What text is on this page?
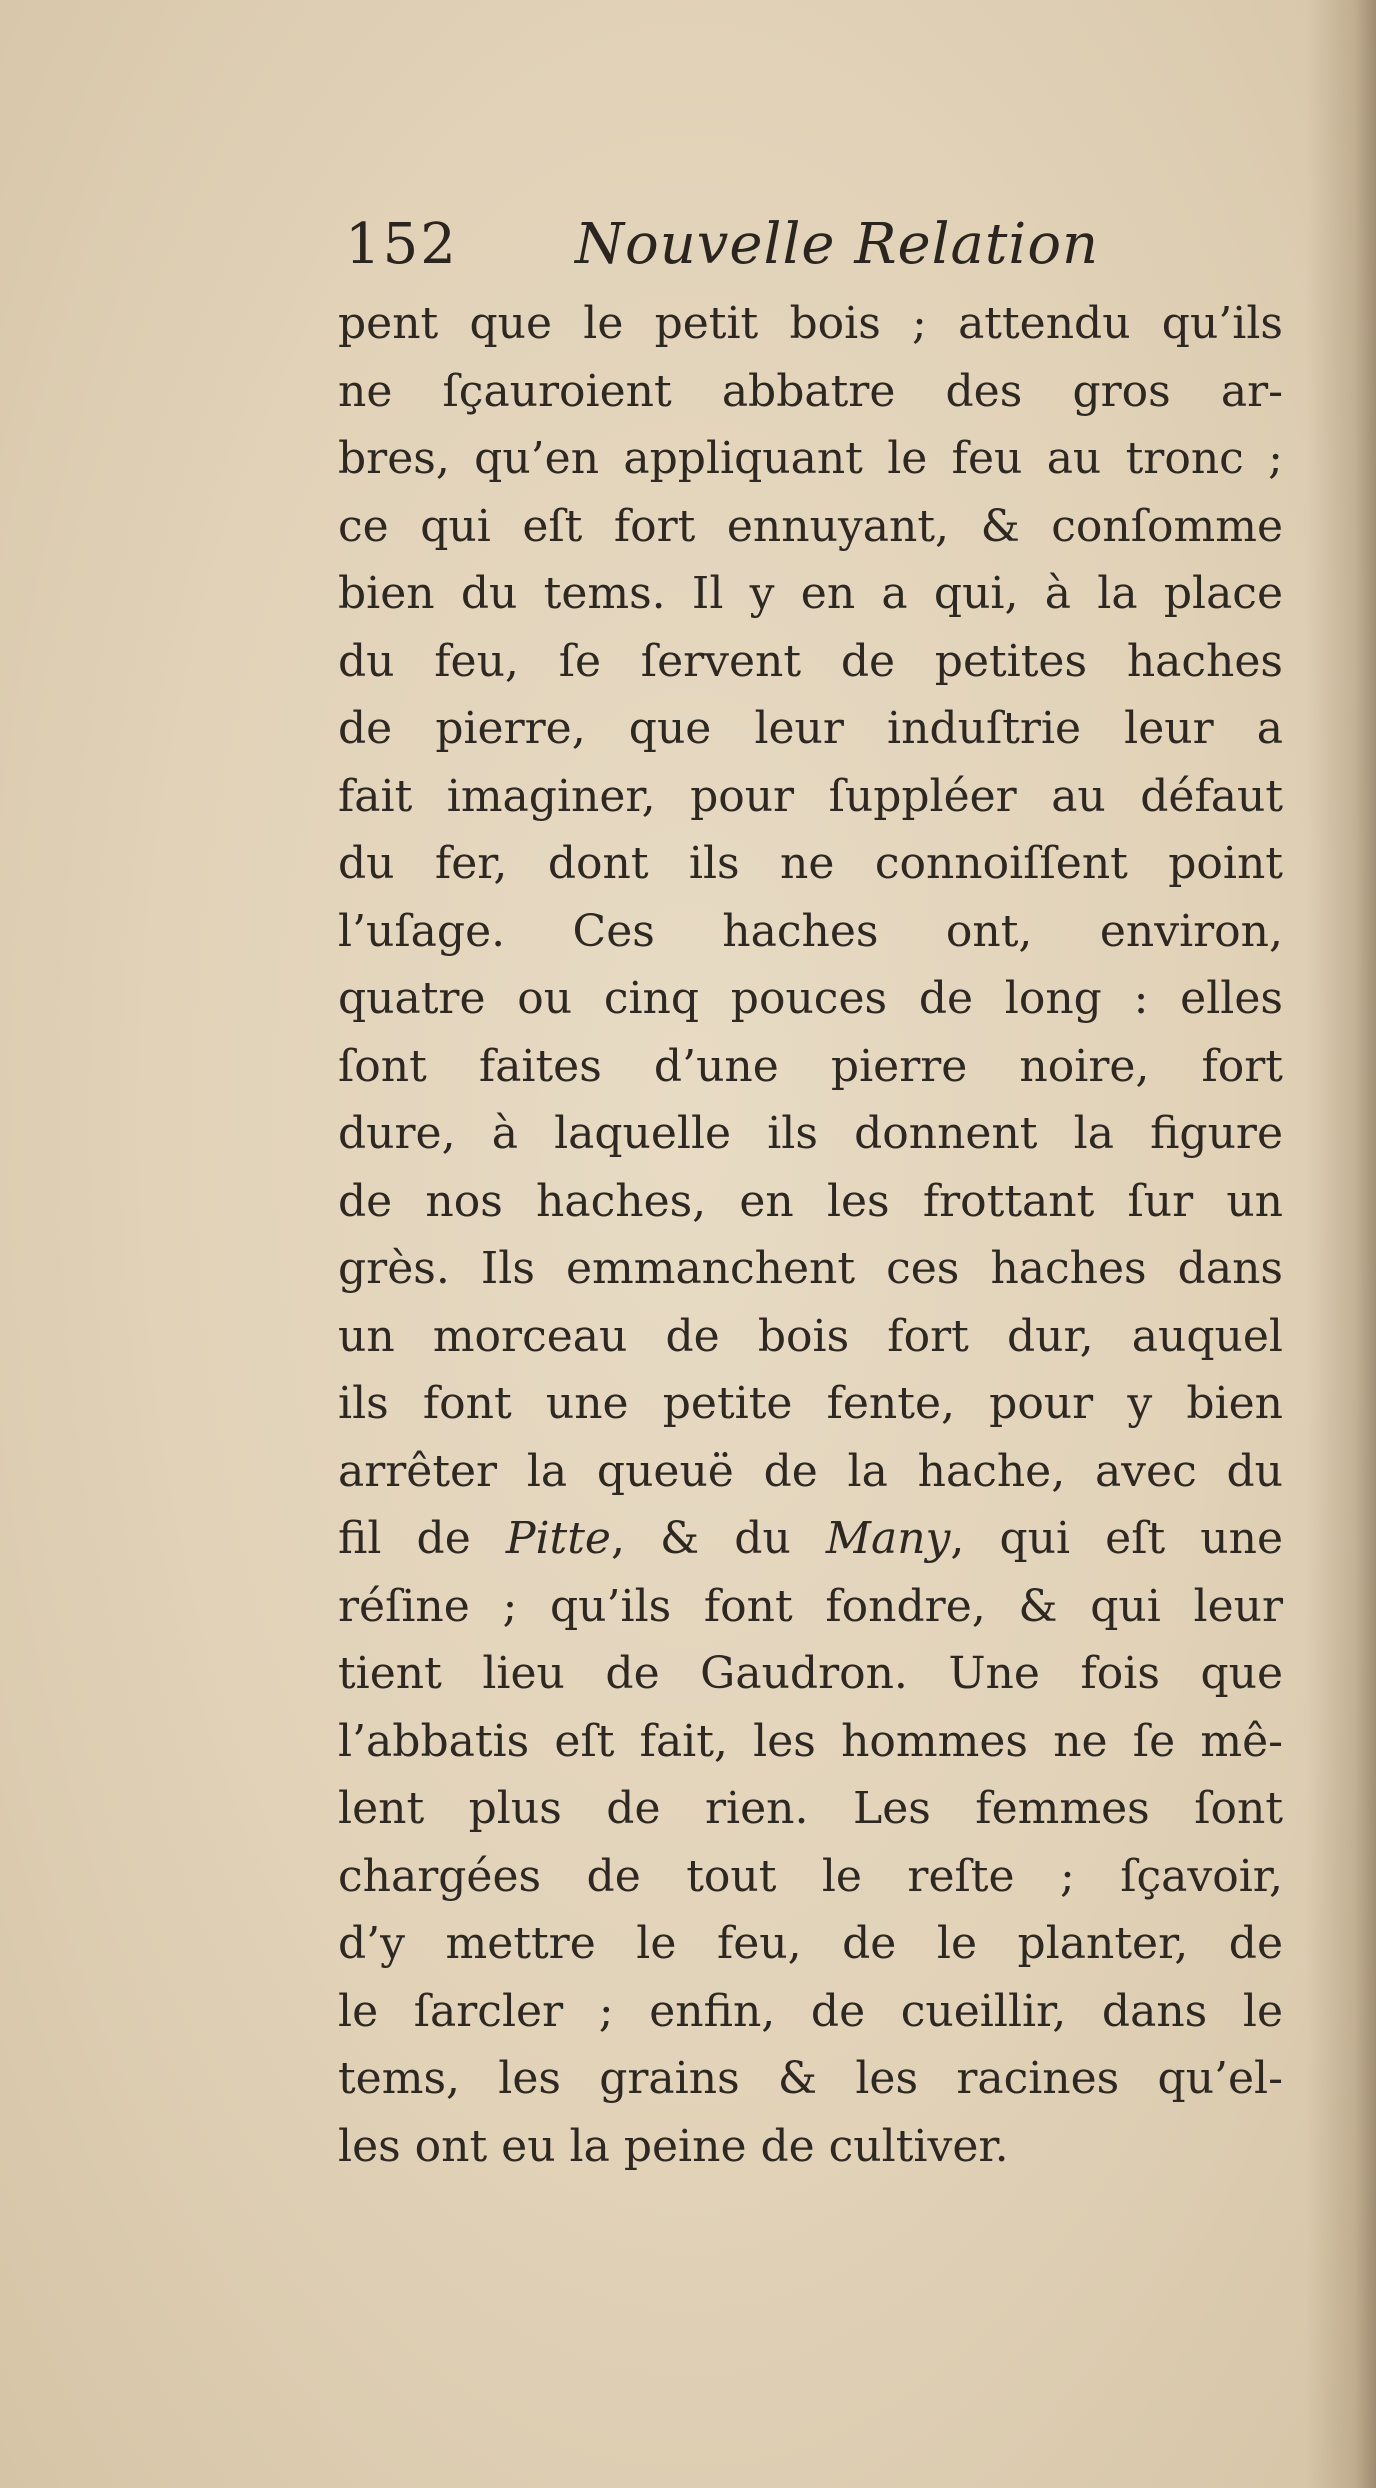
152 Nouvelle Relation
pent que le petit bois ; attendu qu’ils
ne ſçauroient abbatre des gros ar-
bres, qu’en appliquant le feu au tronc ;
ce qui eſt fort ennuyant, & conſomme
bien du tems. Il y en a qui, à la place
du feu, ſe ſervent de petites haches
de pierre, que leur induſtrie leur a
fait imaginer, pour ſuppléer au défaut
du fer, dont ils ne connoiſſent point
l’uſage. Ces haches ont, environ,
quatre ou cinq pouces de long : elles
ſont faites d’une pierre noire, fort
dure, à laquelle ils donnent la figure
de nos haches, en les frottant ſur un
grès. Ils emmanchent ces haches dans
un morceau de bois fort dur, auquel
ils font une petite fente, pour y bien
arrêter la queuë de la hache, avec du
fil de Pitte, & du Many, qui eſt une
réſine ; qu’ils font fondre, & qui leur
tient lieu de Gaudron. Une fois que
l’abbatis eſt fait, les hommes ne ſe mê-
lent plus de rien. Les femmes ſont
chargées de tout le reſte ; ſçavoir,
d’y mettre le feu, de le planter, de
le ſarcler ; enfin, de cueillir, dans le
tems, les grains & les racines qu’el-
les ont eu la peine de cultiver.
